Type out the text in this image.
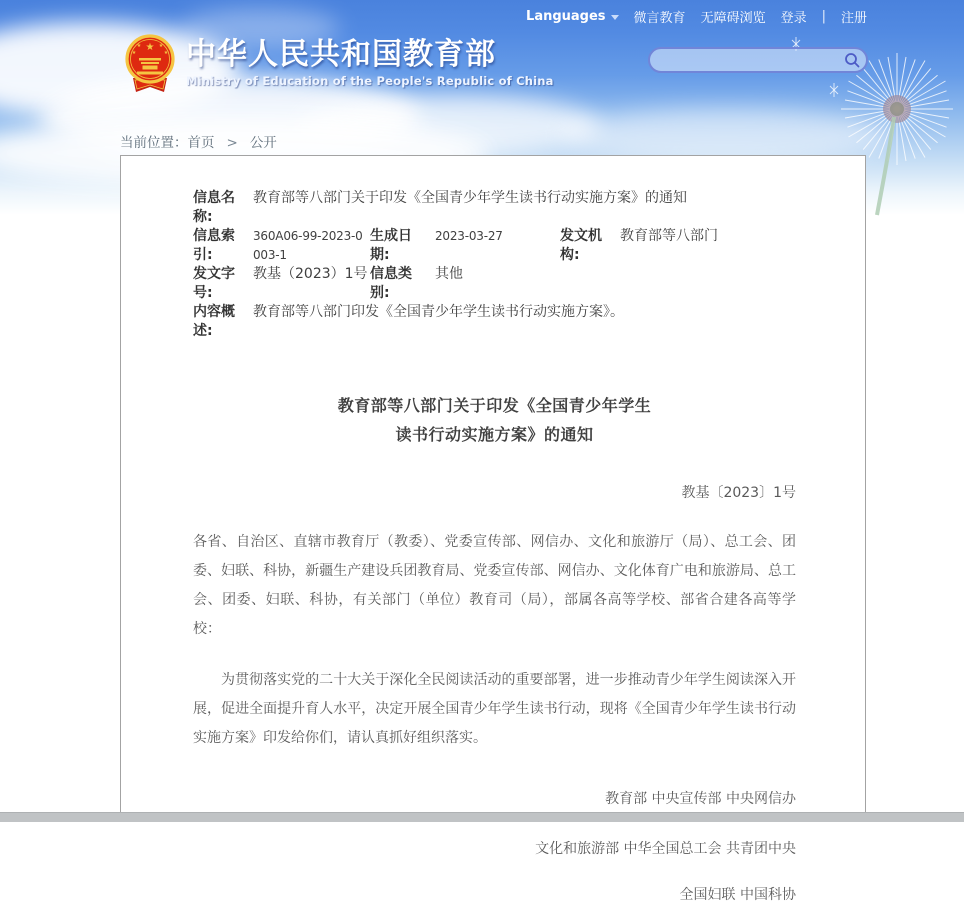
Languages 微言教育 无障碍浏览 登录 | 注册
★
★	★
★	★ 中华人民共和国教育部
Ministry of Education of the People's Republic of China
当前位置：首页 > 公开
信息名称:
教育部等八部门关于印发《全国青少年学生读书行动实施方案》的通知
信息索引:
360A06-99-2023-0003-1
生成日期:
2023-03-27	发文机构:
教育部等八部门
发文字号:
教基（2023）1号 信息类别:
其他
内容概述:
教育部等八部门印发《全国青少年学生读书行动实施方案》。
教育部等八部门关于印发《全国青少年学生
读书行动实施方案》的通知
教基〔2023〕1号
各省、自治区、直辖市教育厅（教委）、党委宣传部、网信办、文化和旅游厅（局）、总工会、团委、妇联、科协，新疆生产建设兵团教育局、党委宣传部、网信办、文化体育广电和旅游局、总工会、团委、妇联、科协，有关部门（单位）教育司（局），部属各高等学校、部省合建各高等学校：
为贯彻落实党的二十大关于深化全民阅读活动的重要部署，进一步推动青少年学生阅读深入开展，促进全面提升育人水平，决定开展全国青少年学生读书行动，现将《全国青少年学生读书行动实施方案》印发给你们，请认真抓好组织落实。
教育部 中央宣传部 中央网信办
文化和旅游部 中华全国总工会 共青团中央
全国妇联 中国科协
